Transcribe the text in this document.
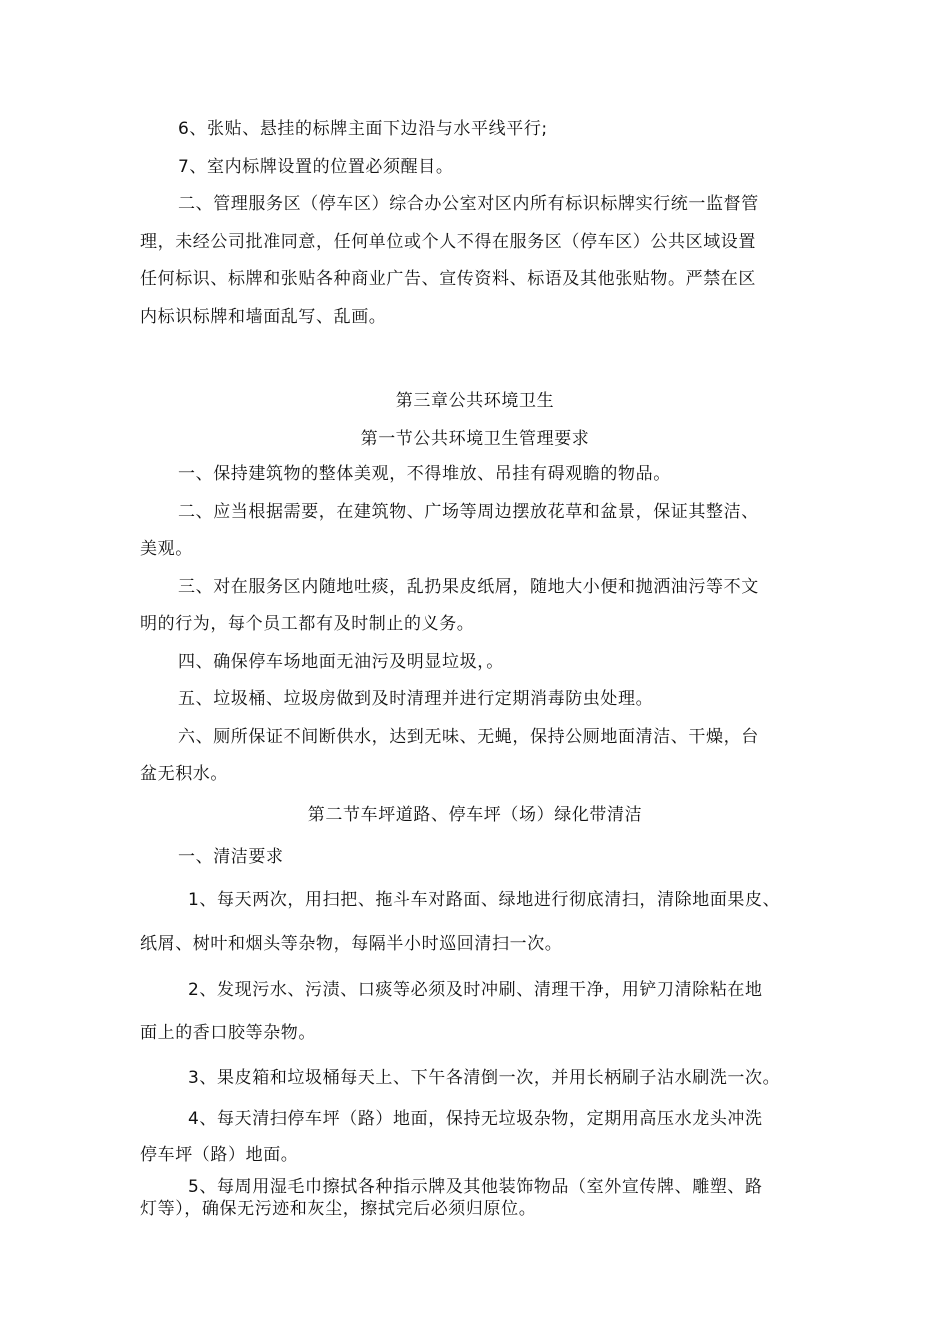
6、张贴、悬挂的标牌主面下边沿与水平线平行;
7、室内标牌设置的位置必须醒目。
二、管理服务区（停车区）综合办公室对区内所有标识标牌实行统一监督管
理，未经公司批准同意，任何单位或个人不得在服务区（停车区）公共区域设置
任何标识、标牌和张贴各种商业广告、宣传资料、标语及其他张贴物。严禁在区
内标识标牌和墙面乱写、乱画。
第三章公共环境卫生
第一节公共环境卫生管理要求
一、保持建筑物的整体美观，不得堆放、吊挂有碍观瞻的物品。
二、应当根据需要，在建筑物、广场等周边摆放花草和盆景，保证其整洁、
美观。
三、对在服务区内随地吐痰，乱扔果皮纸屑，随地大小便和抛洒油污等不文
明的行为，每个员工都有及时制止的义务。
四、确保停车场地面无油污及明显垃圾，。
五、垃圾桶、垃圾房做到及时清理并进行定期消毒防虫处理。
六、厕所保证不间断供水，达到无味、无蝇，保持公厕地面清洁、干燥，台
盆无积水。
第二节车坪道路、停车坪（场）绿化带清洁
一、清洁要求
1、每天两次，用扫把、拖斗车对路面、绿地进行彻底清扫，清除地面果皮、
纸屑、树叶和烟头等杂物，每隔半小时巡回清扫一次。
2、发现污水、污渍、口痰等必须及时冲刷、清理干净，用铲刀清除粘在地
面上的香口胶等杂物。
3、果皮箱和垃圾桶每天上、下午各清倒一次，并用长柄刷子沾水刷洗一次。
4、每天清扫停车坪（路）地面，保持无垃圾杂物，定期用高压水龙头冲洗
停车坪（路）地面。
5、每周用湿毛巾擦拭各种指示牌及其他装饰物品（室外宣传牌、雕塑、路
灯等），确保无污迹和灰尘，擦拭完后必须归原位。
